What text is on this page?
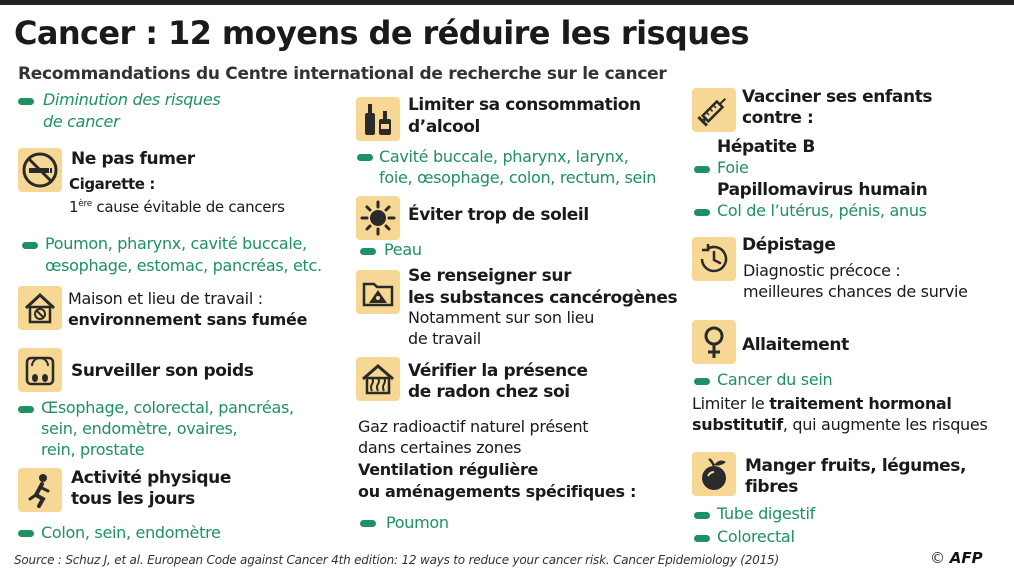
Cancer : 12 moyens de réduire les risques
Recommandations du Centre international de recherche sur le cancer
Diminution des risques
de cancer
Ne pas fumer
Cigarette :
1ère cause évitable de cancers
Poumon, pharynx, cavité buccale,
œsophage, estomac, pancréas, etc.
Maison et lieu de travail :
environnement sans fumée
Surveiller son poids
Œsophage, colorectal, pancréas,
sein, endomètre, ovaires,
rein, prostate
Activité physique
tous les jours
Colon, sein, endomètre
Limiter sa consommation
d’alcool
Cavité buccale, pharynx, larynx,
foie, œsophage, colon, rectum, sein
Éviter trop de soleil
Peau
Se renseigner sur
les substances cancérogènes
Notamment sur son lieu
de travail
Vérifier la présence
de radon chez soi
Gaz radioactif naturel présent
dans certaines zones
Ventilation régulière
ou aménagements spécifiques :
Poumon
Vacciner ses enfants
contre :
Hépatite B
Foie
Papillomavirus humain
Col de l’utérus, pénis, anus
Dépistage
Diagnostic précoce :
meilleures chances de survie
Allaitement
Cancer du sein
Limiter le traitement hormonal
substitutif, qui augmente les risques
Manger fruits, légumes,
fibres
Tube digestif
Colorectal
Source : Schuz J, et al. European Code against Cancer 4th edition: 12 ways to reduce your cancer risk. Cancer Epidemiology (2015)	© AFP
